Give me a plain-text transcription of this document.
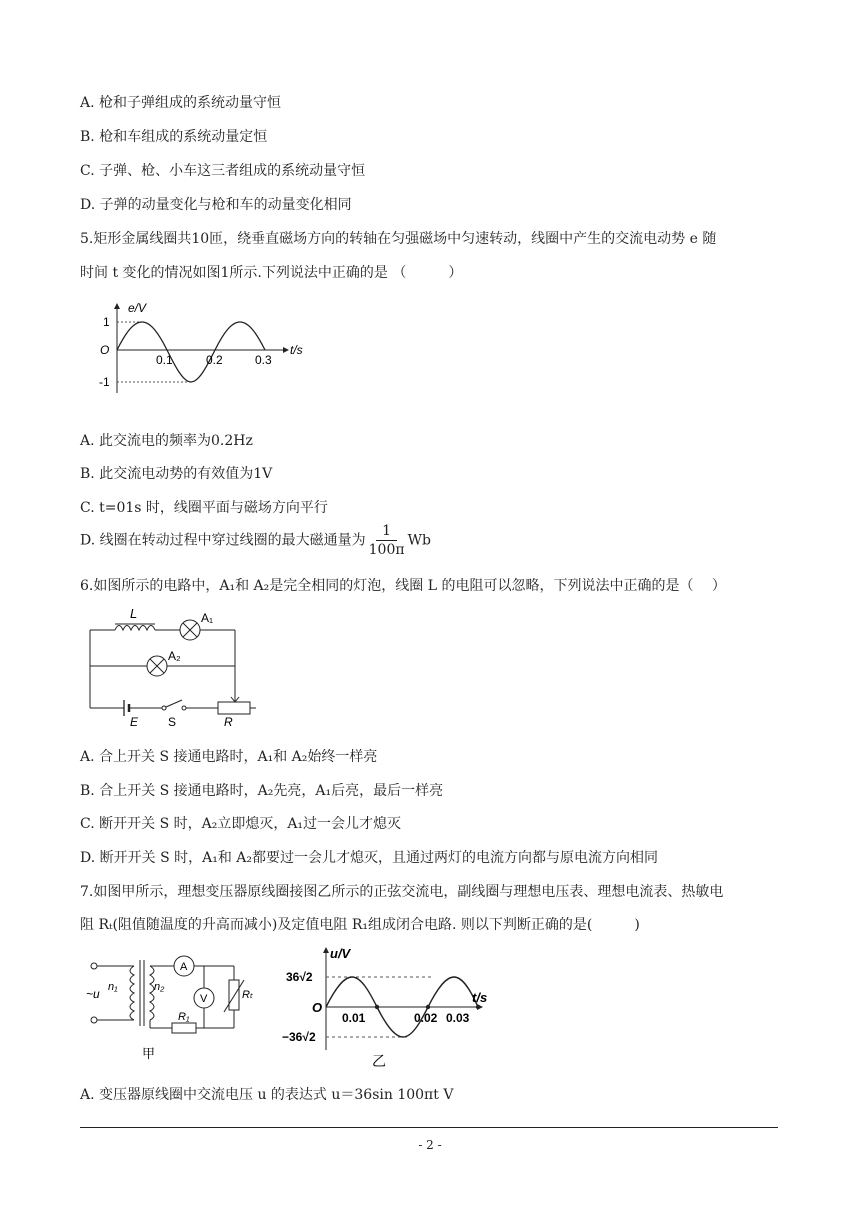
A. 枪和子弹组成的系统动量守恒
B. 枪和车组成的系统动量定恒
C. 子弹、枪、小车这三者组成的系统动量守恒
D. 子弹的动量变化与枪和车的动量变化相同
5.矩形金属线圈共10匝，绕垂直磁场方向的转轴在匀强磁场中匀速转动，线圈中产生的交流电动势 e 随
时间 t 变化的情况如图1所示.下列说法中正确的是 （　　　）
e/V
t/s
O
1
-1
0.1	0.2	0.3
A. 此交流电的频率为0.2Hz
B. 此交流电动势的有效值为1V
C. t=01s 时，线圈平面与磁场方向平行
D. 线圈在转动过程中穿过线圈的最大磁通量为 $\frac{1}{100\pi}$ Wb
6.如图所示的电路中，A₁和 A₂是完全相同的灯泡，线圈 L 的电阻可以忽略，下列说法中正确的是（　 ）
L	A₁
A₂
E S	R
A. 合上开关 S 接通电路时，A₁和 A₂始终一样亮
B. 合上开关 S 接通电路时，A₂先亮，A₁后亮，最后一样亮
C. 断开开关 S 时，A₂立即熄灭，A₁过一会儿才熄灭
D. 断开开关 S 时，A₁和 A₂都要过一会儿才熄灭，且通过两灯的电流方向都与原电流方向相同
7.如图甲所示，理想变压器原线圈接图乙所示的正弦交流电，副线圈与理想电压表、理想电流表、热敏电
阻 Rₜ(阻值随温度的升高而减小)及定值电阻 R₁组成闭合电路. 则以下判断正确的是(　　　)
~u n₁	n₂
A
V	Rₜ
R₁
甲
u/V
t/s
O
36√2
−36√2
0.01	0.02 0.03
乙
A. 变压器原线圈中交流电压 u 的表达式 u＝36sin 100πt V
- 2 -
